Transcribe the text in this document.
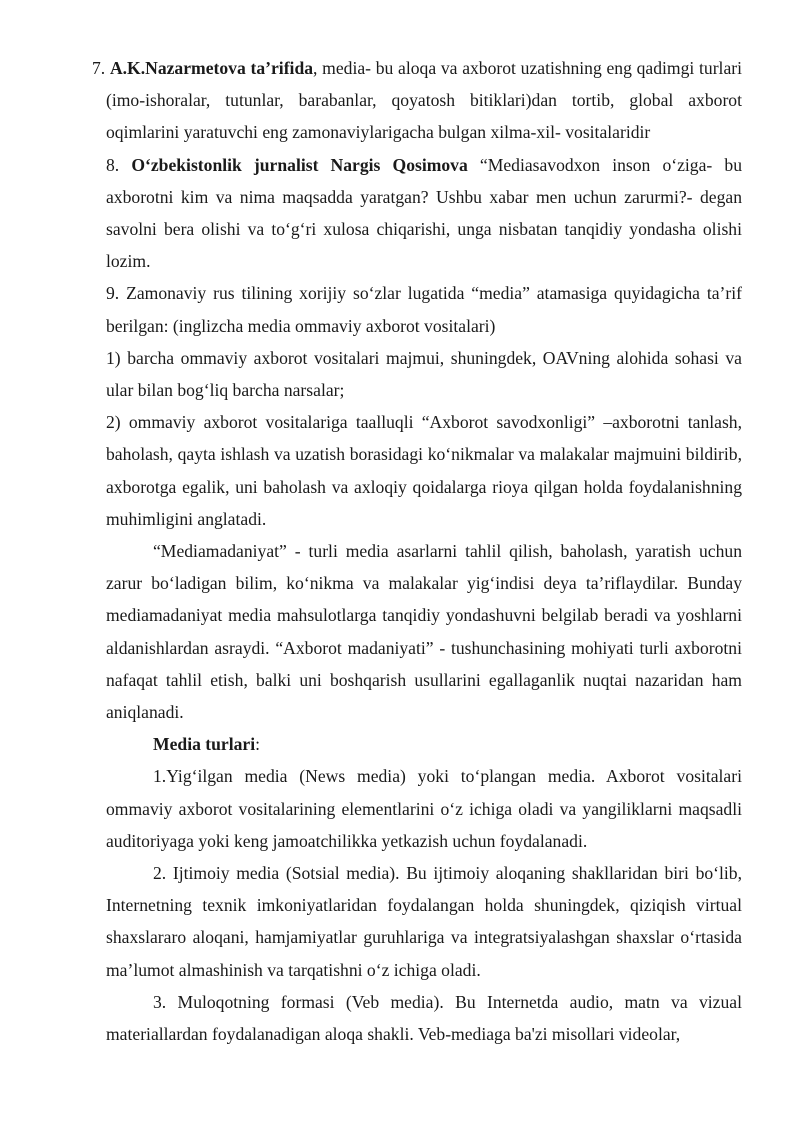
7. A.K.Nazarmetova ta’rifida, media- bu aloqa va axborot uzatishning eng qadimgi turlari (imo-ishoralar, tutunlar, barabanlar, qoyatosh bitiklari)dan tortib, global axborot oqimlarini yaratuvchi eng zamonaviylarigacha bulgan xilma-xil- vositalaridir

8. O‘zbekistonlik jurnalist Nargis Qosimova “Mediasavodxon inson o‘ziga- bu axborotni kim va nima maqsadda yaratgan? Ushbu xabar men uchun zarurmi?- degan savolni bera olishi va to‘g‘ri xulosa chiqarishi, unga nisbatan tanqidiy yondasha olishi lozim.

9. Zamonaviy rus tilining xorijiy so‘zlar lugatida “media” atamasiga quyidagicha ta’rif berilgan: (inglizcha media ommaviy axborot vositalari)

1) barcha ommaviy axborot vositalari majmui, shuningdek, OAVning alohida sohasi va ular bilan bog‘liq barcha narsalar;

2) ommaviy axborot vositalariga taalluqli “Axborot savodxonligi” –axborotni tanlash, baholash, qayta ishlash va uzatish borasidagi ko‘nikmalar va malakalar majmuini bildirib, axborotga egalik, uni baholash va axloqiy qoidalarga rioya qilgan holda foydalanishning muhimligini anglatadi.

“Mediamadaniyat” - turli media asarlarni tahlil qilish, baholash, yaratish uchun zarur bo‘ladigan bilim, ko‘nikma va malakalar yig‘indisi deya ta’riflaydilar. Bunday mediamadaniyat media mahsulotlarga tanqidiy yondashuvni belgilab beradi va yoshlarni aldanishlardan asraydi. “Axborot madaniyati” - tushunchasining mohiyati turli axborotni nafaqat tahlil etish, balki uni boshqarish usullarini egallaganlik nuqtai nazaridan ham aniqlanadi.

Media turlari:

1.Yig‘ilgan media (News media) yoki to‘plangan media. Axborot vositalari ommaviy axborot vositalarining elementlarini o‘z ichiga oladi va yangiliklarni maqsadli auditoriyaga yoki keng jamoatchilikka yetkazish uchun foydalanadi.

2. Ijtimoiy media (Sotsial media). Bu ijtimoiy aloqaning shakllaridan biri bo‘lib, Internetning texnik imkoniyatlaridan foydalangan holda shuningdek, qiziqish virtual shaxslararo aloqani, hamjamiyatlar guruhlariga va integratsiyalashgan shaxslar o‘rtasida ma’lumot almashinish va tarqatishni o‘z ichiga oladi.

3. Muloqotning formasi (Veb media). Bu Internetda audio, matn va vizual materiallardan foydalanadigan aloqa shakli. Veb-mediaga ba'zi misollari videolar,
